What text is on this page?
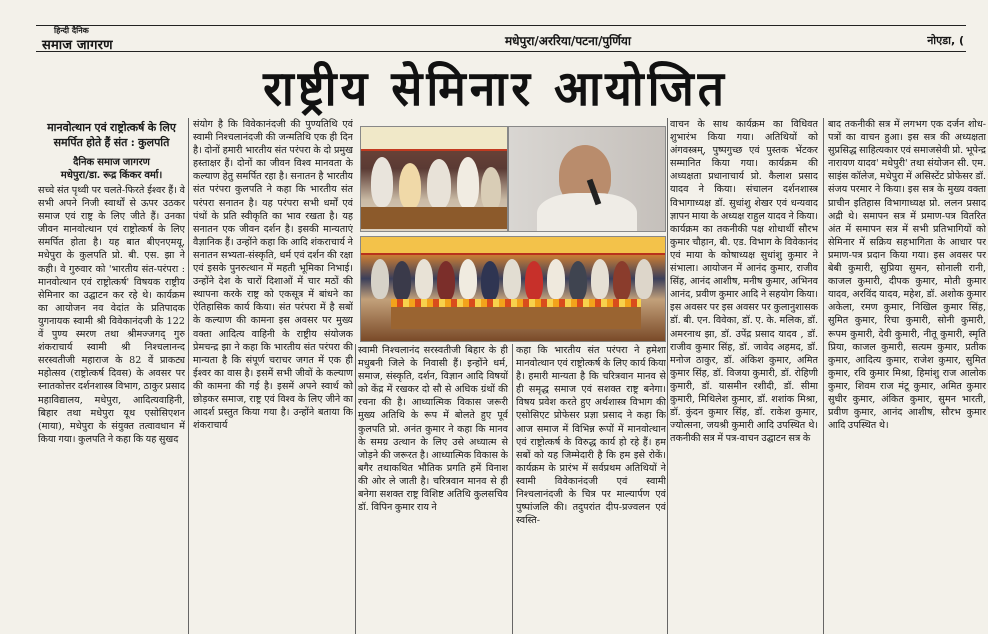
हिन्दी दैनिक
समाज जागरण	मधेपुरा/अररिया/पटना/पुर्णिया	नोएडा, (
राष्ट्रीय सेमिनार आयोजित
मानवोत्थान एवं राष्ट्रोत्कर्ष के लिए समर्पित होते हैं संत : कुलपति
दैनिक समाज जागरण
मधेपुरा/डा. रूद्र किंकर वर्मा।
सच्चे संत पृथ्वी पर चलते-फिरते ईश्वर हैं। वे सभी अपने निजी स्वार्थों से ऊपर उठकर समाज एवं राष्ट्र के लिए जीते हैं। उनका जीवन मानवोत्थान एवं राष्ट्रोत्कर्ष के लिए समर्पित होता है। यह बात बीएनएमयू, मधेपुरा के कुलपति प्रो. बी. एस. झा ने कही। वे गुरुवार को 'भारतीय संत-परंपरा : मानवोत्थान एवं राष्ट्रोत्कर्ष' विषयक राष्ट्रीय सेमिनार का उद्घाटन कर रहे थे। कार्यक्रम का आयोजन नव वेदांत के प्रतिपादक युगनायक स्वामी श्री विवेकानंदजी के 122 वें पुण्य स्मरण तथा श्रीमज्जगद् गुरु शंकराचार्य स्वामी श्री निश्चलानन्द सरस्वतीजी महाराज के 82 वें प्राकट्य महोत्सव (राष्ट्रोत्कर्ष दिवस) के अवसर पर स्नातकोत्तर दर्शनशास्त्र विभाग, ठाकुर प्रसाद महाविद्यालय, मधेपुरा, आदित्यवाहिनी, बिहार तथा मधेपुरा यूथ एसोसिएशन (माया), मधेपुरा के संयुक्त तत्वावधान में किया गया। कुलपति ने कहा कि यह सुखद
संयोग है कि विवेकानंदजी की पुण्यतिथि एवं स्वामी निश्चलानंदजी की जन्मतिथि एक ही दिन है। दोनों हमारी भारतीय संत परंपरा के दो प्रमुख हस्ताक्षर हैं। दोनों का जीवन विश्व मानवता के कल्याण हेतु समर्पित रहा है। सनातन है भारतीय संत परंपरा कुलपति ने कहा कि भारतीय संत परंपरा सनातन है। यह परंपरा सभी धर्मों एवं पंथों के प्रति स्वीकृति का भाव रखता है। यह सनातन एक जीवन दर्शन है। इसकी मान्यताएं वैज्ञानिक हैं। उन्होंने कहा कि आदि शंकराचार्य ने सनातन सभ्यता-संस्कृति, धर्म एवं दर्शन की रक्षा एवं इसके पुनरुत्थान में महती भूमिका निभाई। उन्होंने देश के चारों दिशाओं में चार मठों की स्थापना करके राष्ट्र को एकसूत्र में बांधने का ऐतिहासिक कार्य किया। संत परंपरा में है सबों के कल्याण की कामना इस अवसर पर मुख्य वक्ता आदित्य वाहिनी के राष्ट्रीय संयोजक प्रेमचन्द्र झा ने कहा कि भारतीय संत परंपरा की मान्यता है कि संपूर्ण चराचर जगत में एक ही ईश्वर का वास है। इसमें सभी जीवों के कल्याण की कामना की गई है। इसमें अपने स्वार्थ को छोड़कर समाज, राष्ट्र एवं विश्व के लिए जीने का आदर्श प्रस्तुत किया गया है। उन्होंने बताया कि शंकराचार्य
स्वामी निश्चलानंद सरस्वतीजी बिहार के ही मधुबनी जिले के निवासी हैं। इन्होंने धर्म, समाज, संस्कृति, दर्शन, विज्ञान आदि विषयों को केंद्र में रखकर दो सौ से अधिक ग्रंथों की रचना की है। आध्यात्मिक विकास जरूरी मुख्य अतिथि के रूप में बोलते हुए पूर्व कुलपति प्रो. अनंत कुमार ने कहा कि मानव के समग्र उत्थान के लिए उसे अध्यात्म से जोड़ने की जरूरत है। आध्यात्मिक विकास के बगैर तथाकथित भौतिक प्रगति हमें विनाश की ओर ले जाती है। चरित्रवान मानव से ही बनेगा सशक्त राष्ट्र विशिष्ट अतिथि कुलसचिव डॉ. विपिन कुमार राय ने
कहा कि भारतीय संत परंपरा ने हमेशा मानवोत्थान एवं राष्ट्रोत्कर्ष के लिए कार्य किया है। हमारी मान्यता है कि चरित्रवान मानव से ही समृद्ध समाज एवं सशक्त राष्ट्र बनेगा। विषय प्रवेश करते हुए अर्थशास्त्र विभाग की एसोसिएट प्रोफेसर प्रज्ञा प्रसाद ने कहा कि आज समाज में विभिन्न रूपों में मानवोत्थान एवं राष्ट्रोत्कर्ष के विरुद्ध कार्य हो रहे हैं। हम सबों को यह जिम्मेदारी है कि हम इसे रोकें। कार्यक्रम के प्रारंभ में सर्वप्रथम अतिथियों ने स्वामी विवेकानंदजी एवं स्वामी निश्चलानंदजी के चित्र पर माल्यार्पण एवं पुष्पांजलि की। तदुपरांत दीप-प्रज्वलन एवं स्वस्ति-
वाचन के साथ कार्यक्रम का विधिवत शुभारंभ किया गया। अतिथियों को अंगवस्त्रम्, पुष्पगुच्छ एवं पुस्तक भेंटकर सम्मानित किया गया। कार्यक्रम की अध्यक्षता प्रधानाचार्य प्रो. कैलाश प्रसाद यादव ने किया। संचालन दर्शनशास्त्र विभागाध्यक्ष डॉ. सुधांशु शेखर एवं धन्यवाद ज्ञापन माया के अध्यक्ष राहुल यादव ने किया। कार्यक्रम का तकनीकी पक्ष शोधार्थी सौरभ कुमार चौहान, बी. एड. विभाग के विवेकानंद एवं माया के कोषाध्यक्ष सुधांशु कुमार ने संभाला। आयोजन में आनंद कुमार, राजीव सिंह, आनंद आशीष, मनीष कुमार, अभिनव आनंद, प्रवीण कुमार आदि ने सहयोग किया। इस अवसर पर इस अवसर पर कुलानुशासक डॉ. बी. एन. विवेका, डॉ. ए. के. मलिक, डॉ. अमरनाथ झा, डॉ. उपेंद्र प्रसाद यादव , डॉ. राजीव कुमार सिंह, डॉ. जावेद अहमद, डॉ. मनोज ठाकुर, डॉ. अंकिश कुमार, अमित कुमार सिंह, डॉ. विजया कुमारी, डॉ. रोहिणी कुमारी, डॉ. यासमीन रशीदी, डॉ. सीमा कुमारी, मिथिलेश कुमार, डॉ. शशांक मिश्रा, डॉ. कुंदन कुमार सिंह, डॉ. राकेश कुमार, ज्योत्सना, जयश्री कुमारी आदि उपस्थित थे। तकनीकी सत्र में पत्र-वाचन उद्घाटन सत्र के
बाद तकनीकी सत्र में लगभग एक दर्जन शोध-पत्रों का वाचन हुआ। इस सत्र की अध्यक्षता सुप्रसिद्ध साहित्यकार एवं समाजसेवी प्रो. भूपेन्द्र नारायण यादव' मधेपुरी' तथा संयोजन सी. एम. साइंस कॉलेज, मधेपुरा में असिस्टेंट प्रोफेसर डॉ. संजय परमार ने किया। इस सत्र के मुख्य वक्ता प्राचीन इतिहास विभागाध्यक्ष प्रो. ललन प्रसाद अद्री थे। समापन सत्र में प्रमाण-पत्र वितरित अंत में समापन सत्र में सभी प्रतिभागियों को सेमिनार में सक्रिय सहभागिता के आधार पर प्रमाण-पत्र प्रदान किया गया। इस अवसर पर बेबी कुमारी, सुप्रिया सुमन, सोनाली रानी, काजल कुमारी, दीपक कुमार, मोती कुमार यादव, अरविंद यादव, महेश, डॉ. अशोक कुमार अकेला, रमण कुमार, निखिल कुमार सिंह, सुमित कुमार, रिचा कुमारी, सोनी कुमारी, रूपम कुमारी, देवी कुमारी, नीतू कुमारी, स्मृति प्रिया, काजल कुमारी, सत्यम कुमार, प्रतीक कुमार, आदित्य कुमार, राजेश कुमार, सुमित कुमार, रवि कुमार मिश्रा, हिमांशु राज आलोक कुमार, शिवम राज मंटू कुमार, अमित कुमार सुधीर कुमार, अंकित कुमार, सुमन भारती, प्रवीण कुमार, आनंद आशीष, सौरभ कुमार आदि उपस्थित थे।
